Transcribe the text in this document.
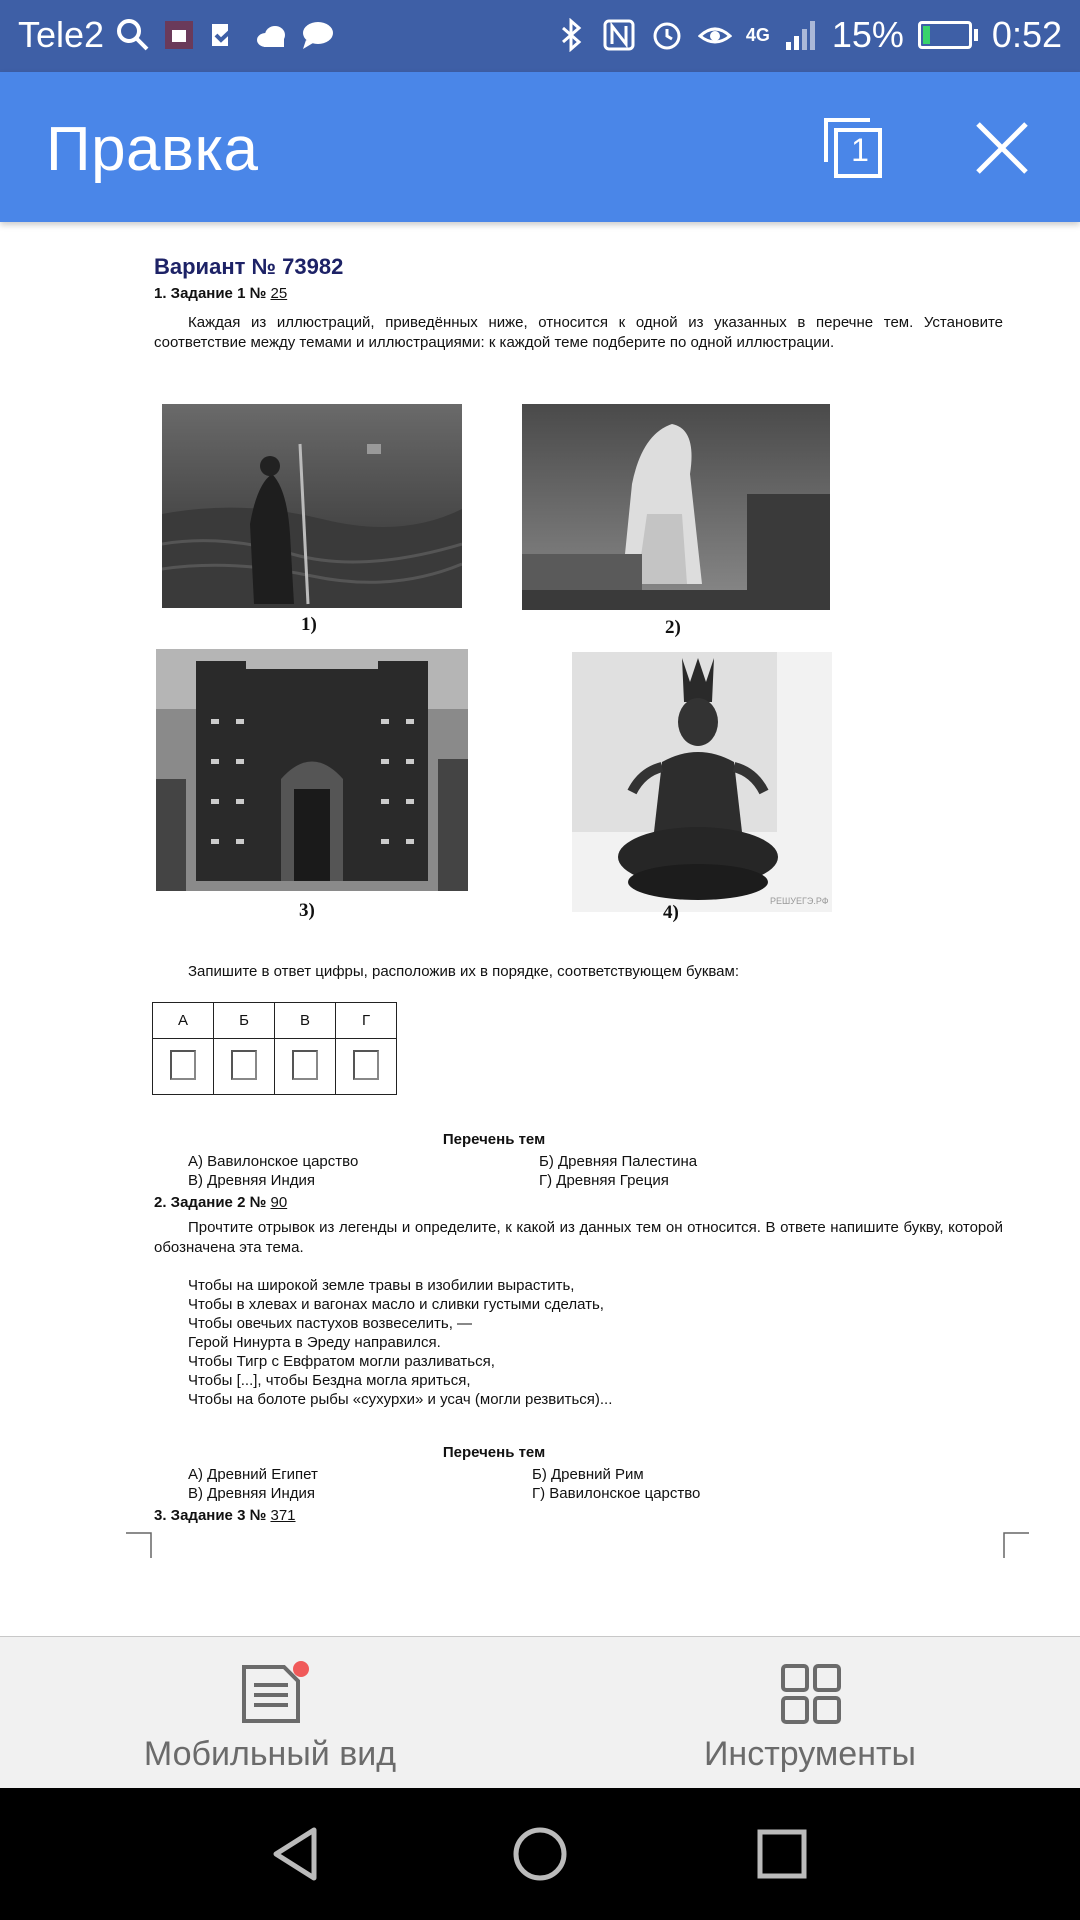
Tele2	4G 15% 0:52
Правка	1
Вариант № 73982
1. Задание 1 № 25
Каждая из иллюстраций, приведённых ниже, относится к одной из указанных в перечне тем. Установите соответствие между темами и иллюстрациями: к каждой теме подберите по одной иллюстрации.
1)	2)
3)	РЕШУЕГЭ.РФ
4)
Запишите в ответ цифры, расположив их в порядке, соответствующем буквам:
А	Б	В	Г

Перечень тем
А) Вавилонское царство	Б) Древняя Палестина
В) Древняя Индия	Г) Древняя Греция
2. Задание 2 № 90
Прочтите отрывок из легенды и определите, к какой из данных тем он относится. В ответе напишите букву, которой обозначена эта тема.
Чтобы на широкой земле травы в изобилии вырастить,
Чтобы в хлевах и вагонах масло и сливки густыми сделать,
Чтобы овечьих пастухов возвеселить, —
Герой Нинурта в Эреду направился.
Чтобы Тигр с Евфратом могли разливаться,
Чтобы [...], чтобы Бездна могла яриться,
Чтобы на болоте рыбы «сухурхи» и усач (могли резвиться)...
Перечень тем
А) Древний Египет	Б) Древний Рим
В) Древняя Индия	Г) Вавилонское царство
3. Задание 3 № 371
Мобильный вид	Инструменты
